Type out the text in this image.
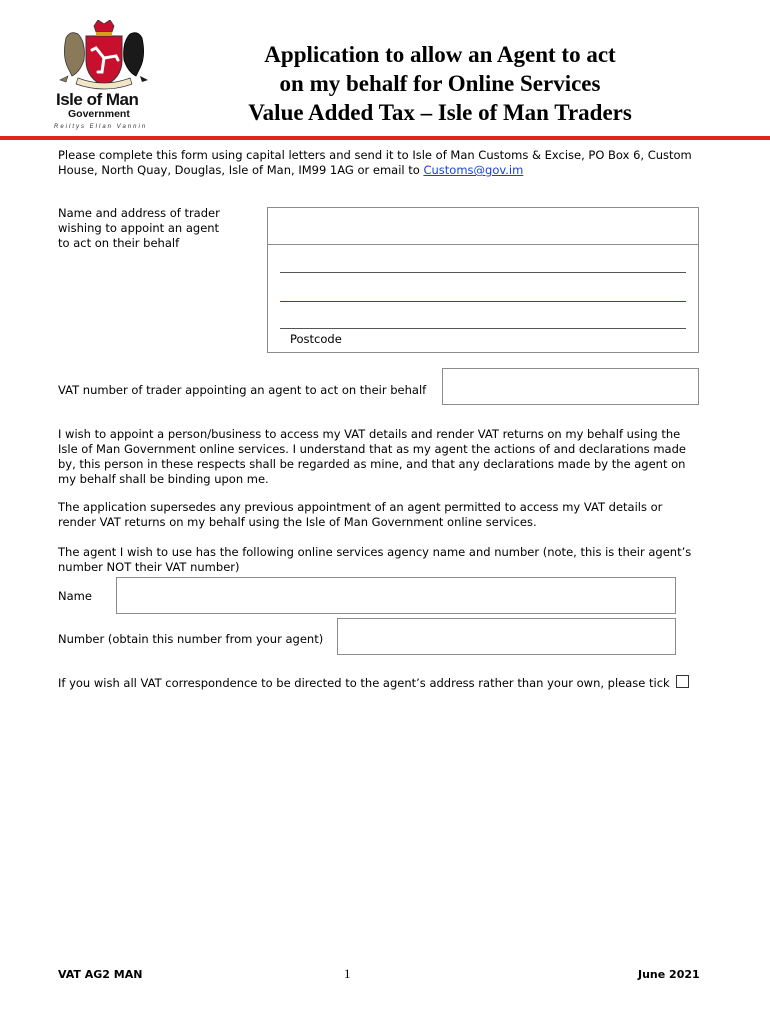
Isle of Man
Government
Reiltys Ellan Vannin
Application to allow an Agent to act
on my behalf for Online Services
Value Added Tax – Isle of Man Traders
Please complete this form using capital letters and send it to Isle of Man Customs & Excise, PO Box 6, Custom
House, North Quay, Douglas, Isle of Man, IM99 1AG or email to Customs@gov.im
Name and address of trader
wishing to appoint an agent
to act on their behalf
Postcode
VAT number of trader appointing an agent to act on their behalf
I wish to appoint a person/business to access my VAT details and render VAT returns on my behalf using the
Isle of Man Government online services. I understand that as my agent the actions of and declarations made
by, this person in these respects shall be regarded as mine, and that any declarations made by the agent on
my behalf shall be binding upon me.
The application supersedes any previous appointment of an agent permitted to access my VAT details or
render VAT returns on my behalf using the Isle of Man Government online services.
The agent I wish to use has the following online services agency name and number (note, this is their agent’s
number NOT their VAT number)
Name
Number (obtain this number from your agent)
If you wish all VAT correspondence to be directed to the agent’s address rather than your own, please tick
VAT AG2 MAN	1	June 2021
